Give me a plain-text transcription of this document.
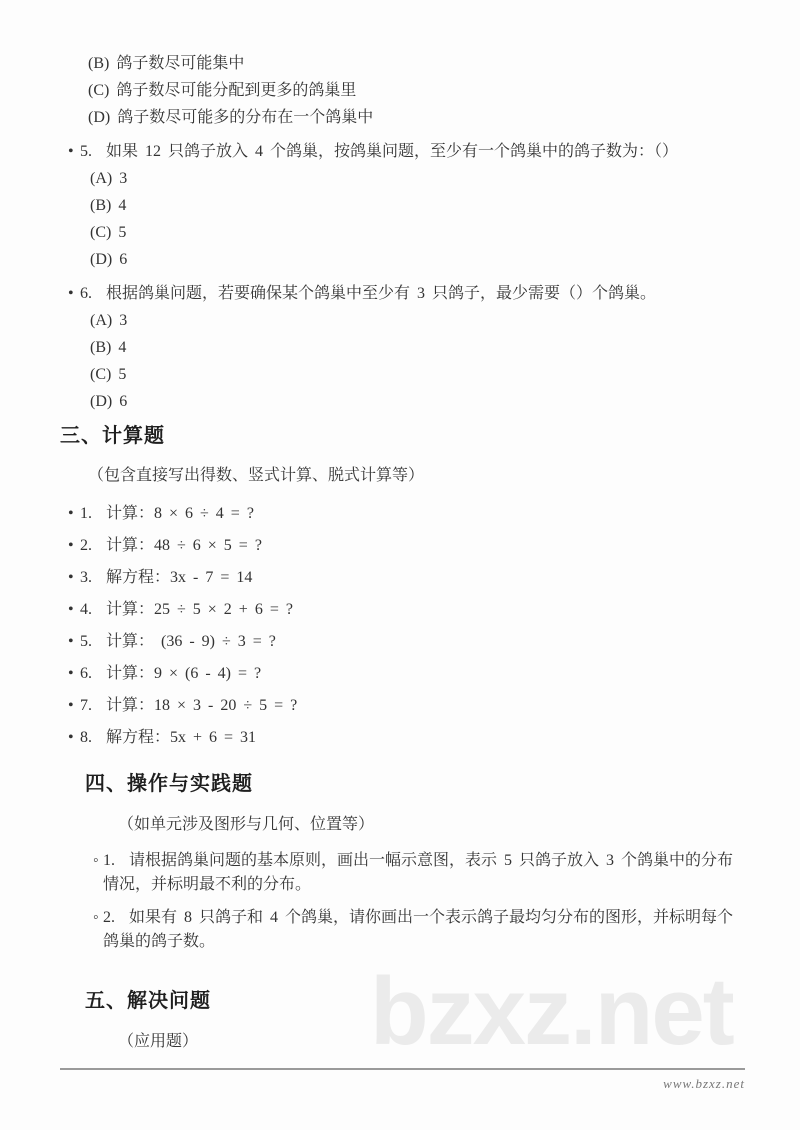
bzxz.net
(B) 鸽子数尽可能集中
(C) 鸽子数尽可能分配到更多的鸽巢里
(D) 鸽子数尽可能多的分布在一个鸽巢中
• 5.  如果 12 只鸽子放入 4 个鸽巢，按鸽巢问题，至少有一个鸽巢中的鸽子数为：（）
(A) 3
(B) 4
(C) 5
(D) 6
• 6.  根据鸽巢问题，若要确保某个鸽巢中至少有 3 只鸽子，最少需要（）个鸽巢。
(A) 3
(B) 4
(C) 5
(D) 6
三、计算题
（包含直接写出得数、竖式计算、脱式计算等）
• 1.  计算：8 × 6 ÷ 4 = ?
• 2.  计算：48 ÷ 6 × 5 = ?
• 3.  解方程：3x - 7 = 14
• 4.  计算：25 ÷ 5 × 2 + 6 = ?
• 5.  计算： (36 - 9) ÷ 3 = ?
• 6.  计算：9 × (6 - 4) = ?
• 7.  计算：18 × 3 - 20 ÷ 5 = ?
• 8.  解方程：5x + 6 = 31
四、操作与实践题
（如单元涉及图形与几何、位置等）
◦ 1.  请根据鸽巢问题的基本原则，画出一幅示意图，表示 5 只鸽子放入 3 个鸽巢中的分布情况，并标明最不利的分布。
◦ 2.  如果有 8 只鸽子和 4 个鸽巢，请你画出一个表示鸽子最均匀分布的图形，并标明每个鸽巢的鸽子数。
五、解决问题
（应用题）
www.bzxz.net
